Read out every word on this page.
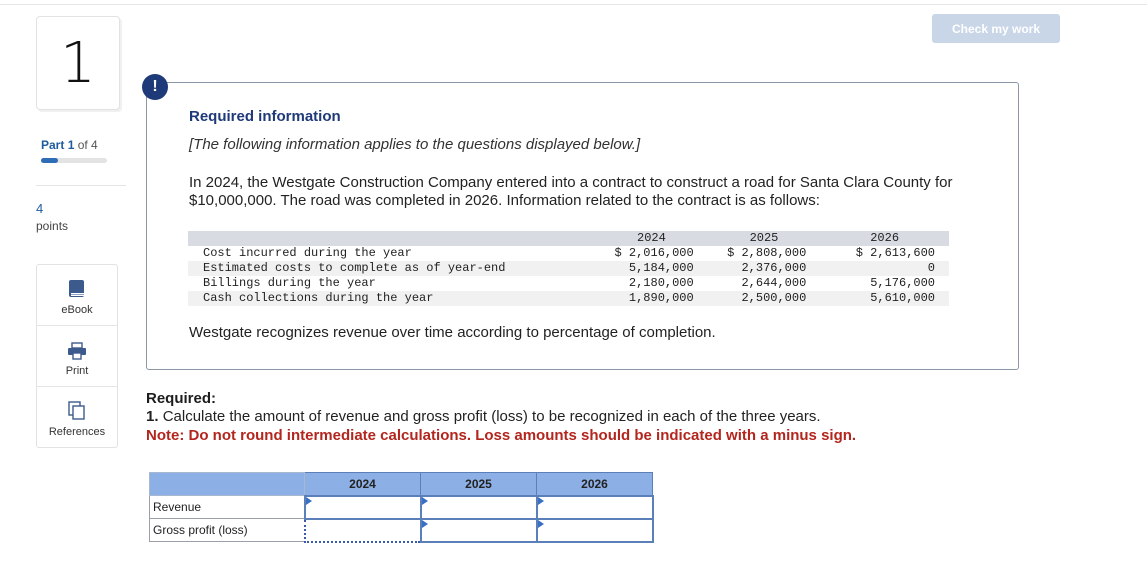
1
Part 1 of 4
4
points
eBook
Print
References
Check my work
!
Required information
[The following information applies to the questions displayed below.]
In 2024, the Westgate Construction Company entered into a contract to construct a road for Santa Clara County for $10,000,000. The road was completed in 2026. Information related to the contract is as follows:
	2024	2025	2026
Cost incurred during the year	$ 2,016,000	$ 2,808,000	$ 2,613,600
Estimated costs to complete as of year-end	5,184,000	2,376,000	0
Billings during the year	2,180,000	2,644,000	5,176,000
Cash collections during the year	1,890,000	2,500,000	5,610,000
Westgate recognizes revenue over time according to percentage of completion.
Required:
1. Calculate the amount of revenue and gross profit (loss) to be recognized in each of the three years.
Note: Do not round intermediate calculations. Loss amounts should be indicated with a minus sign.
	2024	2025	2026
Revenue	

Gross profit (loss)		
